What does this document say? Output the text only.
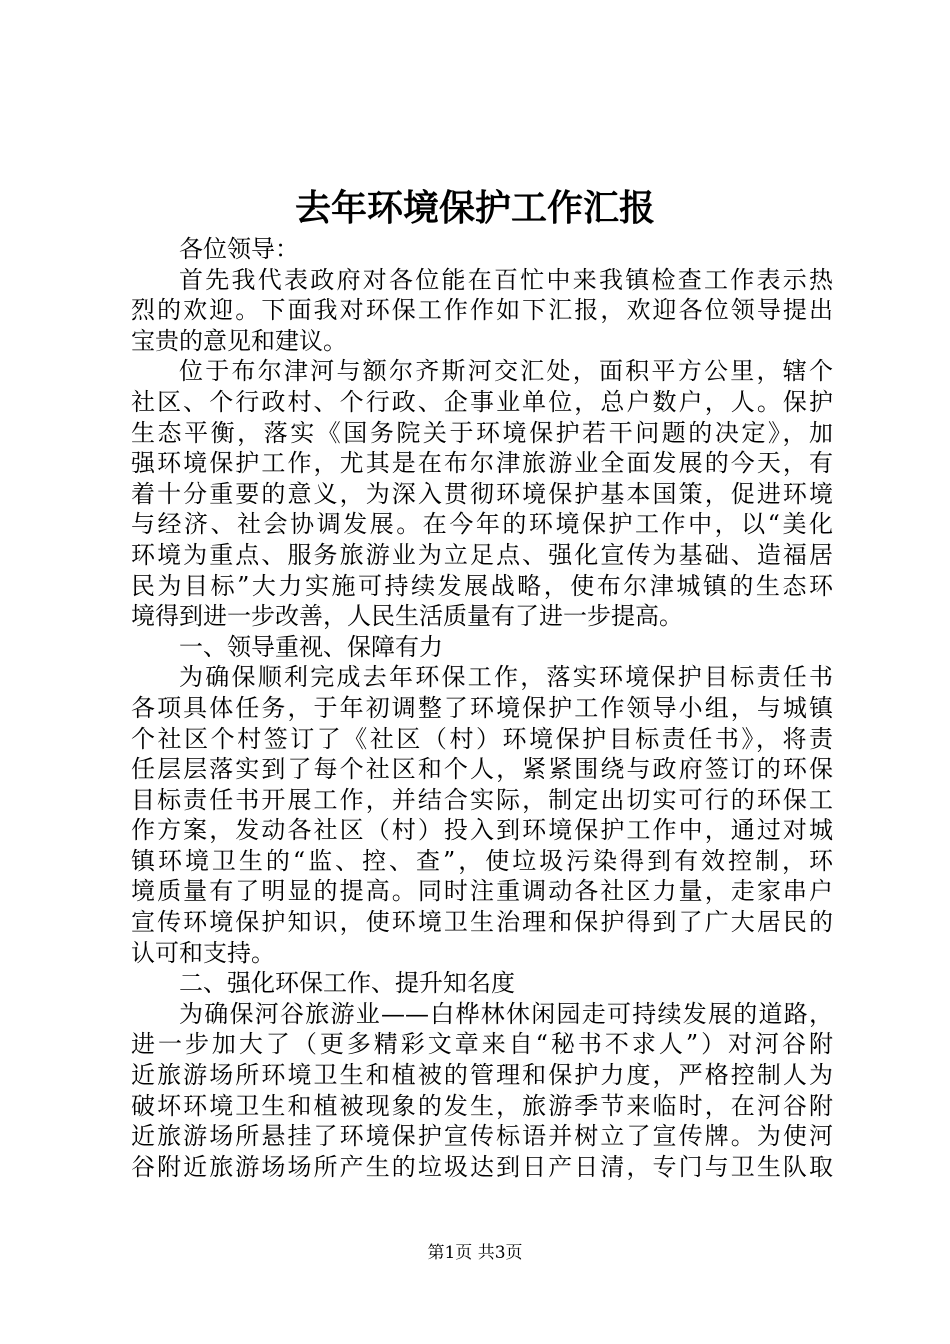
去年环境保护工作汇报
各位领导：
首先我代表政府对各位能在百忙中来我镇检查工作表示热
烈的欢迎。下面我对环保工作作如下汇报，欢迎各位领导提出
宝贵的意见和建议。
位于布尔津河与额尔齐斯河交汇处，面积平方公里，辖个
社区、个行政村、个行政、企事业单位，总户数户，人。保护
生态平衡，落实《国务院关于环境保护若干问题的决定》，加
强环境保护工作，尤其是在布尔津旅游业全面发展的今天，有
着十分重要的意义，为深入贯彻环境保护基本国策，促进环境
与经济、社会协调发展。在今年的环境保护工作中，以“美化
环境为重点、服务旅游业为立足点、强化宣传为基础、造福居
民为目标”大力实施可持续发展战略，使布尔津城镇的生态环
境得到进一步改善，人民生活质量有了进一步提高。
一、领导重视、保障有力
为确保顺利完成去年环保工作，落实环境保护目标责任书
各项具体任务，于年初调整了环境保护工作领导小组，与城镇
个社区个村签订了《社区（村）环境保护目标责任书》，将责
任层层落实到了每个社区和个人，紧紧围绕与政府签订的环保
目标责任书开展工作，并结合实际，制定出切实可行的环保工
作方案，发动各社区（村）投入到环境保护工作中，通过对城
镇环境卫生的“监、控、查”，使垃圾污染得到有效控制，环
境质量有了明显的提高。同时注重调动各社区力量，走家串户
宣传环境保护知识，使环境卫生治理和保护得到了广大居民的
认可和支持。
二、强化环保工作、提升知名度
为确保河谷旅游业——白桦林休闲园走可持续发展的道路，
进一步加大了（更多精彩文章来自“秘书不求人”）对河谷附
近旅游场所环境卫生和植被的管理和保护力度，严格控制人为
破坏环境卫生和植被现象的发生，旅游季节来临时，在河谷附
近旅游场所悬挂了环境保护宣传标语并树立了宣传牌。为使河
谷附近旅游场场所产生的垃圾达到日产日清，专门与卫生队取
第1页 共3页
